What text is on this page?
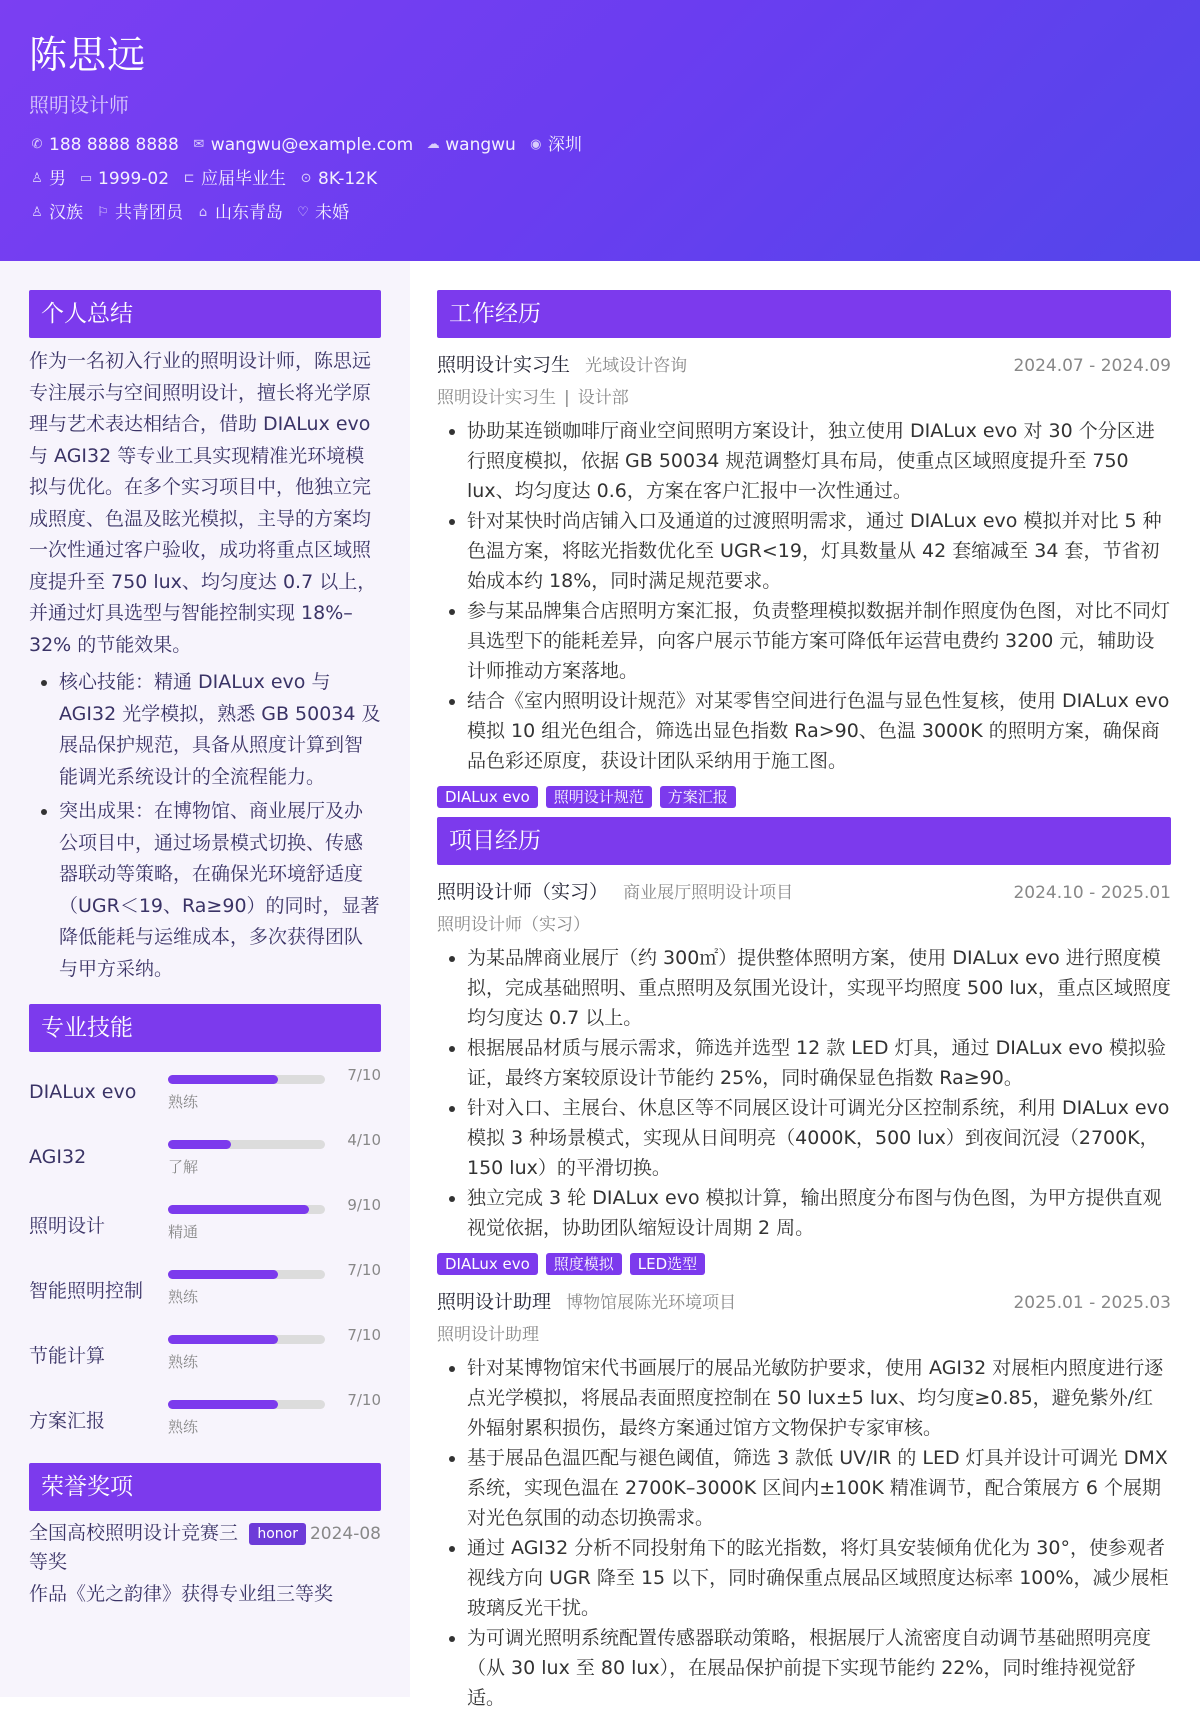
陈思远
照明设计师
✆ 188 8888 8888 ✉ wangwu@example.com ☁ wangwu ◉ 深圳
♙ 男 ▭ 1999-02 ⊏ 应届毕业生 ⊙ 8K-12K
♙ 汉族 ⚐ 共青团员 ⌂ 山东青岛 ♡ 未婚
个人总结
作为一名初入行业的照明设计师，陈思远专注展示与空间照明设计，擅长将光学原理与艺术表达相结合，借助 DIALux evo 与 AGI32 等专业工具实现精准光环境模拟与优化。在多个实习项目中，他独立完成照度、色温及眩光模拟，主导的方案均一次性通过客户验收，成功将重点区域照度提升至 750 lux、均匀度达 0.7 以上，并通过灯具选型与智能控制实现 18%–32% 的节能效果。
• 核心技能：精通 DIALux evo 与 AGI32 光学模拟，熟悉 GB 50034 及展品保护规范，具备从照度计算到智能调光系统设计的全流程能力。
• 突出成果：在博物馆、商业展厅及办公项目中，通过场景模式切换、传感器联动等策略，在确保光环境舒适度（UGR＜19、Ra≥90）的同时，显著降低能耗与运维成本，多次获得团队与甲方采纳。
专业技能
DIALux evo
7/10
熟练
AGI32
4/10
了解
照明设计
9/10
精通
智能照明控制
7/10
熟练
节能计算
7/10
熟练
方案汇报
7/10
熟练
荣誉奖项
全国高校照明设计竞赛三等奖
honor 2024-08
作品《光之韵律》获得专业组三等奖
工作经历
照明设计实习生 光域设计咨询	2024.07 - 2024.09
照明设计实习生 | 设计部
• 协助某连锁咖啡厅商业空间照明方案设计，独立使用 DIALux evo 对 30 个分区进行照度模拟，依据 GB 50034 规范调整灯具布局，使重点区域照度提升至 750 lux、均匀度达 0.6，方案在客户汇报中一次性通过。
• 针对某快时尚店铺入口及通道的过渡照明需求，通过 DIALux evo 模拟并对比 5 种色温方案，将眩光指数优化至 UGR<19，灯具数量从 42 套缩减至 34 套，节省初始成本约 18%，同时满足规范要求。
• 参与某品牌集合店照明方案汇报，负责整理模拟数据并制作照度伪色图，对比不同灯具选型下的能耗差异，向客户展示节能方案可降低年运营电费约 3200 元，辅助设计师推动方案落地。
• 结合《室内照明设计规范》对某零售空间进行色温与显色性复核，使用 DIALux evo 模拟 10 组光色组合，筛选出显色指数 Ra>90、色温 3000K 的照明方案，确保商品色彩还原度，获设计团队采纳用于施工图。
DIALux evo	照明设计规范	方案汇报
项目经历
照明设计师（实习） 商业展厅照明设计项目	2024.10 - 2025.01
照明设计师（实习）
• 为某品牌商业展厅（约 300㎡）提供整体照明方案，使用 DIALux evo 进行照度模拟，完成基础照明、重点照明及氛围光设计，实现平均照度 500 lux，重点区域照度均匀度达 0.7 以上。
• 根据展品材质与展示需求，筛选并选型 12 款 LED 灯具，通过 DIALux evo 模拟验证，最终方案较原设计节能约 25%，同时确保显色指数 Ra≥90。
• 针对入口、主展台、休息区等不同展区设计可调光分区控制系统，利用 DIALux evo 模拟 3 种场景模式，实现从日间明亮（4000K，500 lux）到夜间沉浸（2700K，150 lux）的平滑切换。
• 独立完成 3 轮 DIALux evo 模拟计算，输出照度分布图与伪色图，为甲方提供直观视觉依据，协助团队缩短设计周期 2 周。
DIALux evo	照度模拟	LED选型
照明设计助理 博物馆展陈光环境项目	2025.01 - 2025.03
照明设计助理
• 针对某博物馆宋代书画展厅的展品光敏防护要求，使用 AGI32 对展柜内照度进行逐点光学模拟，将展品表面照度控制在 50 lux±5 lux、均匀度≥0.85，避免紫外/红外辐射累积损伤，最终方案通过馆方文物保护专家审核。
• 基于展品色温匹配与褪色阈值，筛选 3 款低 UV/IR 的 LED 灯具并设计可调光 DMX 系统，实现色温在 2700K–3000K 区间内±100K 精准调节，配合策展方 6 个展期对光色氛围的动态切换需求。
• 通过 AGI32 分析不同投射角下的眩光指数，将灯具安装倾角优化为 30°，使参观者视线方向 UGR 降至 15 以下，同时确保重点展品区域照度达标率 100%，减少展柜玻璃反光干扰。
• 为可调光照明系统配置传感器联动策略，根据展厅人流密度自动调节基础照明亮度（从 30 lux 至 80 lux），在展品保护前提下实现节能约 22%，同时维持视觉舒适。
